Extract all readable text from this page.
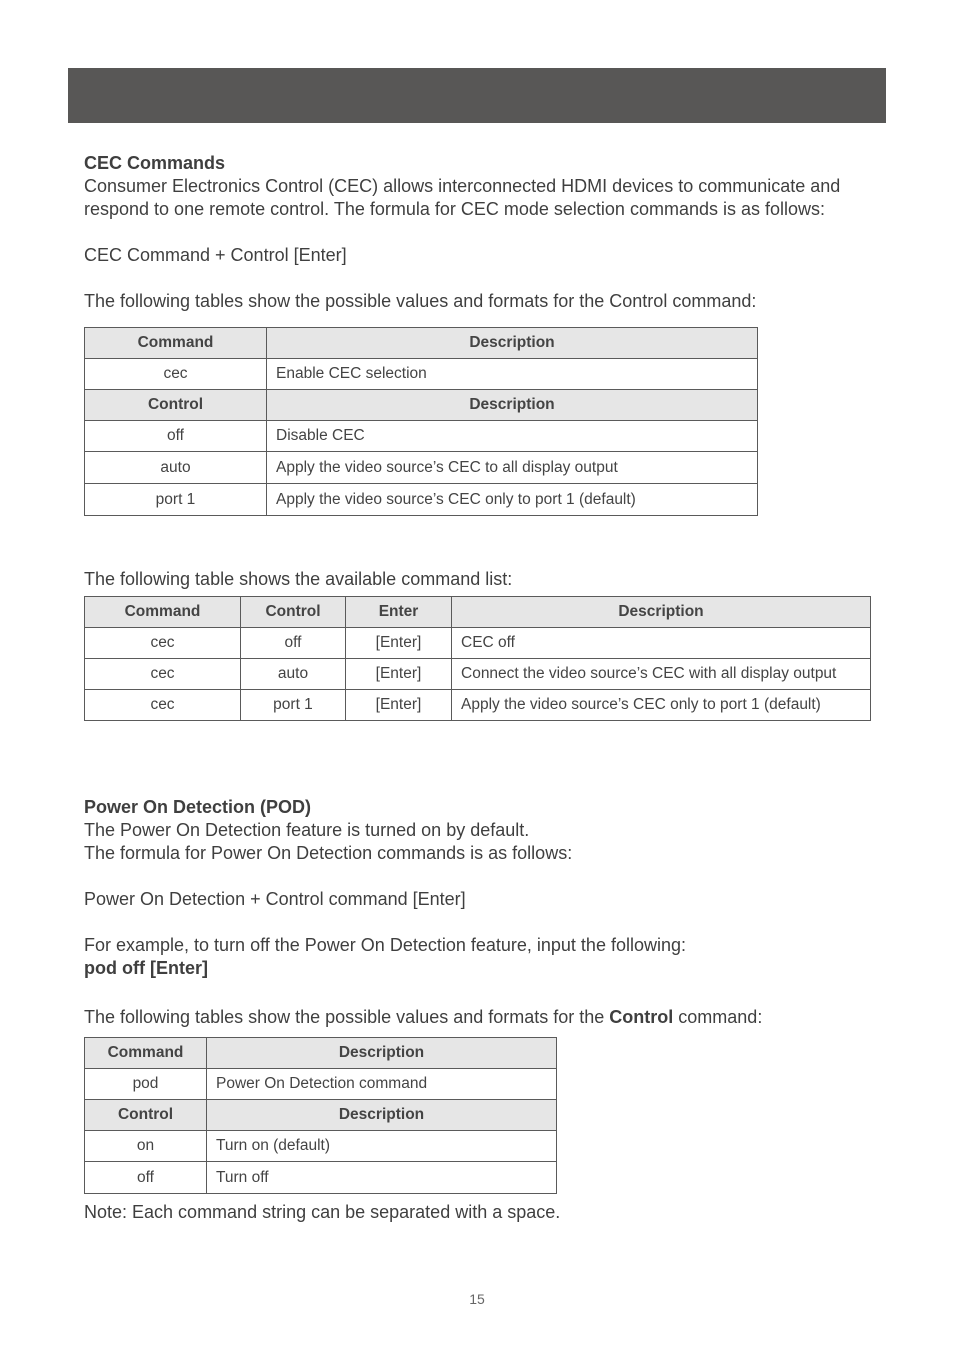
CEC Commands

Consumer Electronics Control (CEC) allows interconnected HDMI devices to communicate and

respond to one remote control. The formula for CEC mode selection commands is as follows:

CEC Command + Control [Enter]

The following tables show the possible values and formats for the Control command:

Command	Description
cec	Enable CEC selection
Control	Description
off	Disable CEC
auto	Apply the video source’s CEC to all display output
port 1	Apply the video source’s CEC only to port 1 (default)

The following table shows the available command list:

Command	Control	Enter	Description
cec	off	[Enter]	CEC off
cec	auto	[Enter]	Connect the video source’s CEC with all display output
cec	port 1	[Enter]	Apply the video source’s CEC only to port 1 (default)

Power On Detection (POD)

The Power On Detection feature is turned on by default.

The formula for Power On Detection commands is as follows:

Power On Detection + Control command [Enter]

For example, to turn off the Power On Detection feature, input the following:

pod off [Enter]

The following tables show the possible values and formats for the Control command:

Command	Description
pod	Power On Detection command
Control	Description
on	Turn on (default)
off	Turn off

Note: Each command string can be separated with a space.

15
